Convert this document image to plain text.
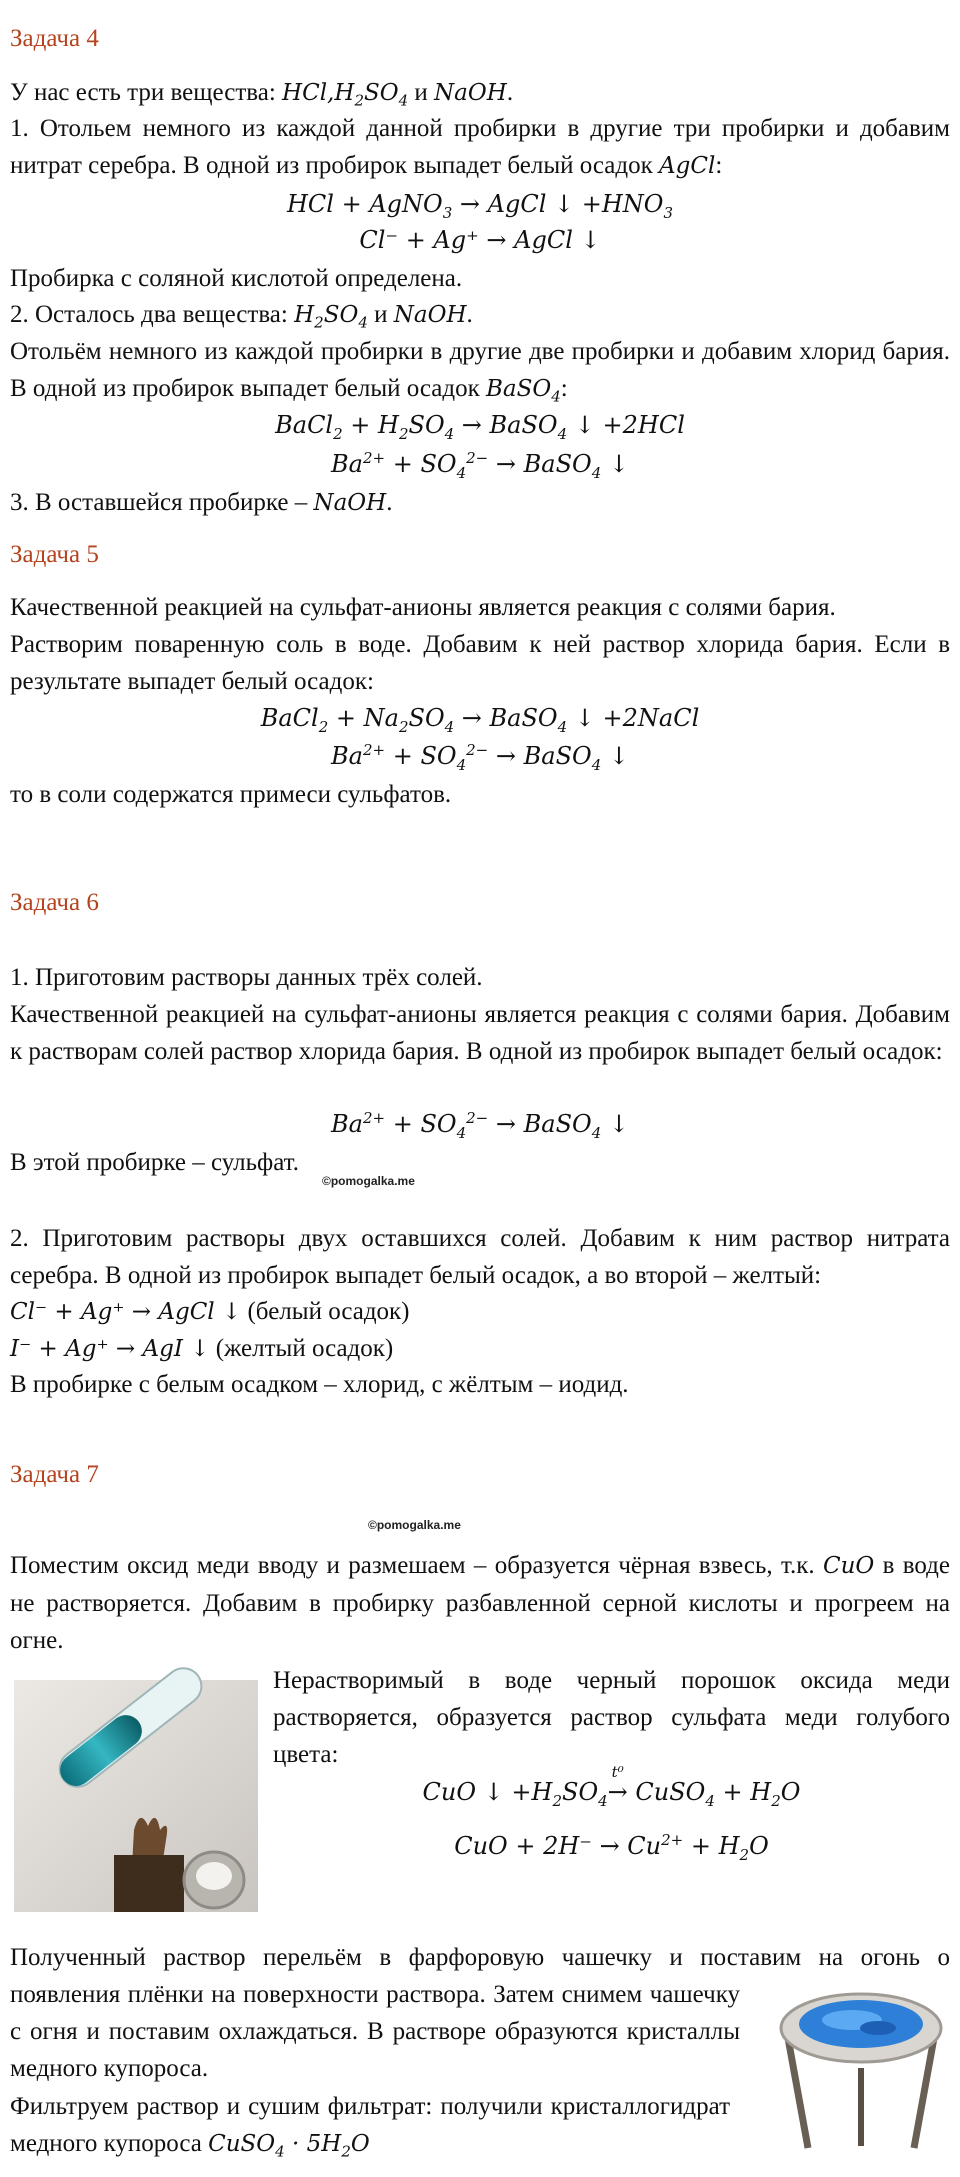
Задача 4
У нас есть три вещества: $HCl,H_2SO_4$ и NaOH.
1. Отольем немного из каждой данной пробирки в другие три пробирки и добавим нитрат серебра. В одной из пробирок выпадет белый осадок AgCl:
HCl + AgNO$_3$ → AgCl ↓ $+HNO_3$
Cl⁻ + Ag⁺ → AgCl ↓
Пробирка с соляной кислотой определена.
2. Осталось два вещества: $H_2SO_4$ и NaOH.
Отольём немного из каждой пробирки в другие две пробирки и добавим хлорид бария. В одной из пробирок выпадет белый осадок BaSO$_4$:
BaCl$_2$ + $H_2SO_4$ → BaSO$_4$ ↓ +2HCl
$Ba^{2+} + SO_4^{2-}$ → BaSO$_4$ ↓
3. В оставшейся пробирке – NaOH.
Задача 5
Качественной реакцией на сульфат-анионы является реакция с солями бария.
Растворим поваренную соль в воде. Добавим к ней раствор хлорида бария. Если в результате выпадет белый осадок:
BaCl$_2$ + $Na_2SO_4$ → BaSO$_4$ ↓ +2NaCl
$Ba^{2+} + SO_4^{2-}$ → BaSO$_4$ ↓
то в соли содержатся примеси сульфатов.
Задача 6
1. Приготовим растворы данных трёх солей.
Качественной реакцией на сульфат-анионы является реакция с солями бария. Добавим к растворам солей раствор хлорида бария. В одной из пробирок выпадет белый осадок:
$Ba^{2+} + SO_4^{2-}$ → BaSO$_4$ ↓
В этой пробирке – сульфат.
©pomogalka.me
2. Приготовим растворы двух оставшихся солей. Добавим к ним раствор нитрата серебра. В одной из пробирок выпадет белый осадок, а во второй – желтый:
Cl⁻ + Ag⁺ → AgCl ↓ (белый осадок)
I⁻ + Ag⁺ → AgI ↓ (желтый осадок)
В пробирке с белым осадком – хлорид, с жёлтым – иодид.
Задача 7
©pomogalka.me
Поместим оксид меди вводу и размешаем – образуется чёрная взвесь, т.к. CuO в воде не растворяется. Добавим в пробирку разбавленной серной кислоты и прогреем на огне.
Нерастворимый в воде черный порошок оксида меди растворяется, образуется раствор сульфата меди голубого цвета:
CuO ↓ $+H_2SO_4$
t⁰
→ CuSO$_4$ + $H_2O$
CuO + $2H^- \to Cu^{2+} + H_2O$
Полученный раствор перельём в фарфоровую чашечку и поставим на огонь о появления плёнки на поверхности раствора. Затем снимем чашечку с огня и поставим охлаждаться. В растворе образуются кристаллы медного купороса.
Фильтруем раствор и сушим фильтрат: получили кристаллогидрат медного купороса CuSO$_4$ · $5H_2O$
